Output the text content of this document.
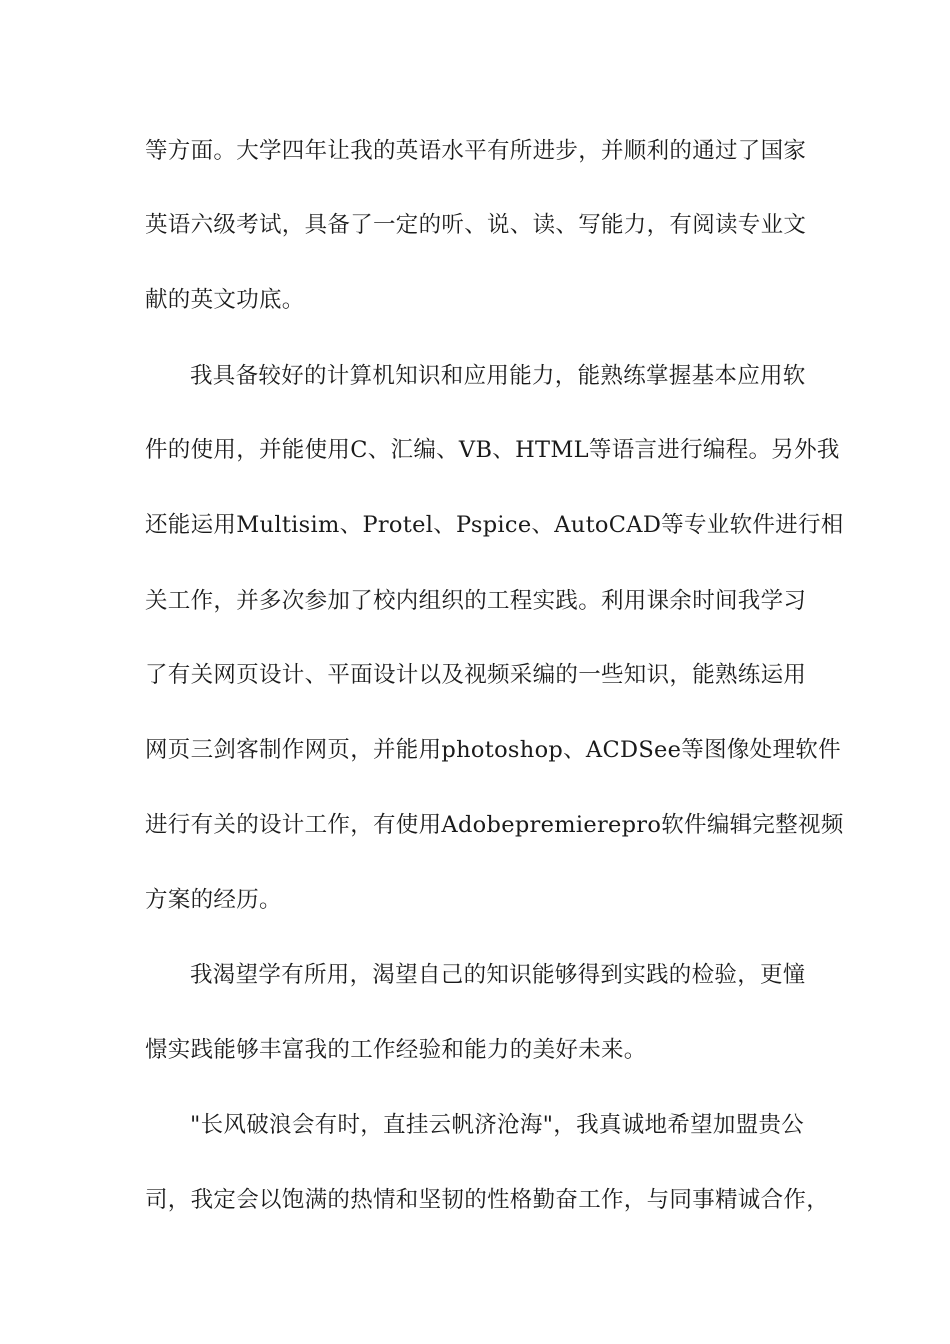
等方面。大学四年让我的英语水平有所进步，并顺利的通过了国家
英语六级考试，具备了一定的听、说、读、写能力，有阅读专业文
献的英文功底。
我具备较好的计算机知识和应用能力，能熟练掌握基本应用软
件的使用，并能使用C、汇编、VB、HTML等语言进行编程。另外我
还能运用Multisim、Protel、Pspice、AutoCAD等专业软件进行相
关工作，并多次参加了校内组织的工程实践。利用课余时间我学习
了有关网页设计、平面设计以及视频采编的一些知识，能熟练运用
网页三剑客制作网页，并能用photoshop、ACDSee等图像处理软件
进行有关的设计工作，有使用Adobepremierepro软件编辑完整视频
方案的经历。
我渴望学有所用，渴望自己的知识能够得到实践的检验，更憧
憬实践能够丰富我的工作经验和能力的美好未来。
"长风破浪会有时，直挂云帆济沧海"，我真诚地希望加盟贵公
司，我定会以饱满的热情和坚韧的性格勤奋工作，与同事精诚合作，
